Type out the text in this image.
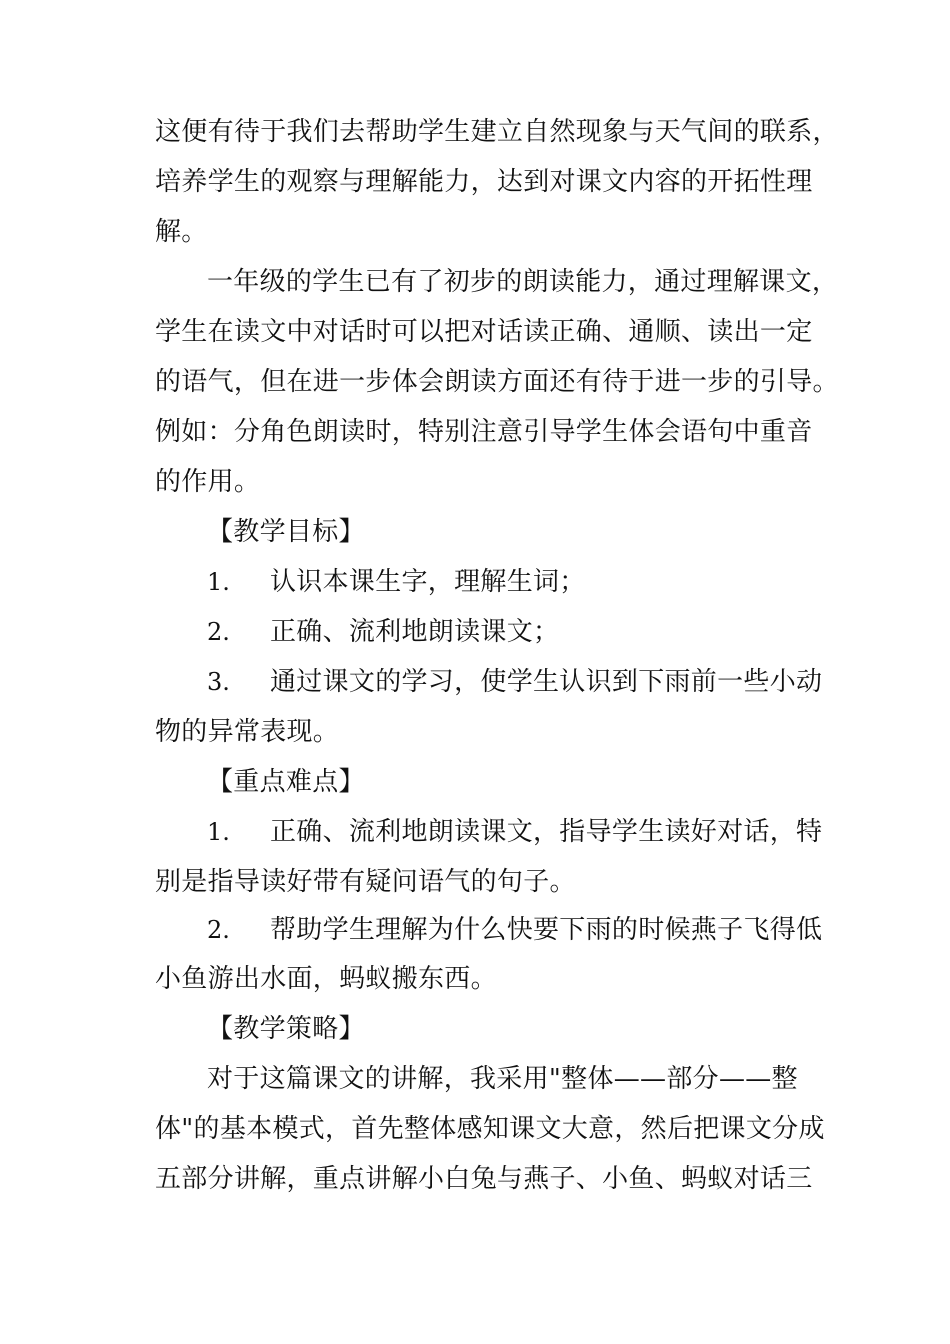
这便有待于我们去帮助学生建立自然现象与天气间的联系，
培养学生的观察与理解能力，达到对课文内容的开拓性理
解。
一年级的学生已有了初步的朗读能力，通过理解课文，
学生在读文中对话时可以把对话读正确、通顺、读出一定
的语气，但在进一步体会朗读方面还有待于进一步的引导。
例如：分角色朗读时，特别注意引导学生体会语句中重音
的作用。
【教学目标】
1. 认识本课生字，理解生词；
2. 正确、流利地朗读课文；
3. 通过课文的学习，使学生认识到下雨前一些小动
物的异常表现。
【重点难点】
1. 正确、流利地朗读课文，指导学生读好对话，特
别是指导读好带有疑问语气的句子。
2. 帮助学生理解为什么快要下雨的时候燕子飞得低
小鱼游出水面，蚂蚁搬东西。
【教学策略】
对于这篇课文的讲解，我采用"整体——部分——整
体"的基本模式，首先整体感知课文大意，然后把课文分成
五部分讲解，重点讲解小白兔与燕子、小鱼、蚂蚁对话三
